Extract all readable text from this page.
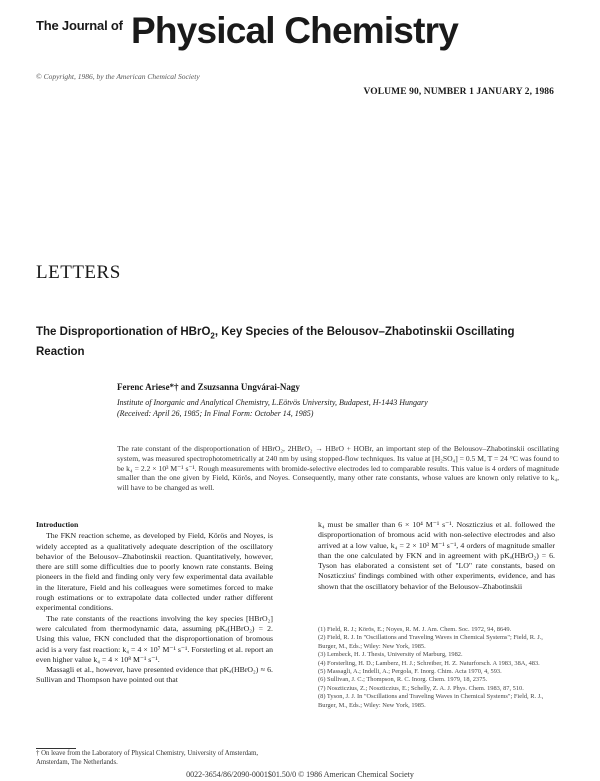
The Journal of Physical Chemistry
© Copyright, 1986, by the American Chemical Society
VOLUME 90, NUMBER 1 JANUARY 2, 1986
LETTERS
The Disproportionation of HBrO$_2$, Key Species of the Belousov–Zhabotinskii Oscillating Reaction
Ferenc Ariese*† and Zsuzsanna Ungvárai-Nagy
Institute of Inorganic and Analytical Chemistry, L.Eötvös University, Budapest, H-1443 Hungary
(Received: April 26, 1985; In Final Form: October 14, 1985)
The rate constant of the disproportionation of HBrO₂, 2HBrO₂ → HBrO + HOBr, an important step of the Belousov–Zhabotinskii oscillating system, was measured spectrophotometrically at 240 nm by using stopped-flow techniques. Its value at [H₂SO₄] = 0.5 M, T = 24 °C was found to be k₄ = 2.2 × 10³ M⁻¹ s⁻¹. Rough measurements with bromide-selective electrodes led to comparable results. This value is 4 orders of magnitude smaller than the one given by Field, Körös, and Noyes. Consequently, many other rate constants, whose values are known only relative to k₄, will have to be changed as well.
Introduction

The FKN reaction scheme, as developed by Field, Körös and Noyes, is widely accepted as a qualitatively adequate description of the oscillatory behavior of the Belousov–Zhabotinskii reaction. Quantitatively, however, there are still some difficulties due to poorly known rate constants. Being pioneers in the field and finding only very few experimental data available in the literature, Field and his colleagues were sometimes forced to make rough estimations or to extrapolate data collected under rather different experimental conditions.

The rate constants of the reactions involving the key species [HBrO₂] were calculated from thermodynamic data, assuming pKₐ(HBrO₂) = 2. Using this value, FKN concluded that the disproportionation of bromous acid is a very fast reaction: k₄ = 4 × 10⁷ M⁻¹ s⁻¹. Forsterling et al. report an even higher value k₄ = 4 × 10⁸ M⁻¹ s⁻¹.

Massagli et al., however, have presented evidence that pKₐ(HBrO₂) ≈ 6. Sullivan and Thompson have pointed out that

k₄ must be smaller than 6 × 10⁴ M⁻¹ s⁻¹. Noszticzius et al. followed the disproportionation of bromous acid with non-selective electrodes and also arrived at a low value, k₄ = 2 × 10³ M⁻¹ s⁻¹, 4 orders of magnitude smaller than the one calculated by FKN and in agreement with pKₐ(HBrO₂) = 6. Tyson has elaborated a consistent set of "LO" rate constants, based on Noszticzius' findings combined with other experiments, evidence, and has shown that the oscillatory behavior of the Belousov–Zhabotinskii

(1) Field, R. J.; Körös, E.; Noyes, R. M. J. Am. Chem. Soc. 1972, 94, 8649.
(2) Field, R. J. In "Oscillations and Traveling Waves in Chemical Systems"; Field, R. J., Burger, M., Eds.; Wiley: New York, 1985.
(3) Lembeck, H. J. Thesis, University of Marburg, 1982.
(4) Forsterling, H. D.; Lamberz, H. J.; Schreiber, H. Z. Naturforsch. A 1983, 38A, 483.
(5) Massagli, A.; Indelli, A.; Pergola, F. Inorg. Chim. Acta 1970, 4, 593.
(6) Sullivan, J. C.; Thompson, R. C. Inorg. Chem. 1979, 18, 2375.
(7) Noszticzius, Z.; Noszticzius, E.; Schelly, Z. A. J. Phys. Chem. 1983, 87, 510.
(8) Tyson, J. J. In "Oscillations and Traveling Waves in Chemical Systems"; Field, R. J., Burger, M., Eds.; Wiley: New York, 1985.
† On leave from the Laboratory of Physical Chemistry, University of Amsterdam, Amsterdam, The Netherlands.
0022-3654/86/2090-0001$01.50/0 © 1986 American Chemical Society
